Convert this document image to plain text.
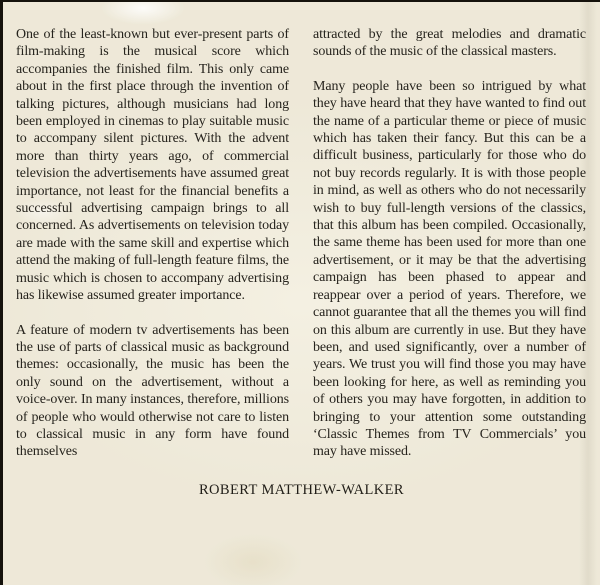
One of the least-known but ever-present parts of film-making is the musical score which accompanies the finished film. This only came about in the first place through the invention of talking pictures, although musicians had long been employed in cinemas to play suitable music to accompany silent pictures. With the advent more than thirty years ago, of commercial television the advertisements have assumed great importance, not least for the financial benefits a successful advertising campaign brings to all concerned. As advertisements on television today are made with the same skill and expertise which attend the making of full-length feature films, the music which is chosen to accompany advertising has likewise assumed greater importance.

A feature of modern tv advertisements has been the use of parts of classical music as background themes: occasionally, the music has been the only sound on the advertisement, without a voice-over. In many instances, therefore, millions of people who would otherwise not care to listen to classical music in any form have found themselves

attracted by the great melodies and dramatic sounds of the music of the classical masters.

Many people have been so intrigued by what they have heard that they have wanted to find out the name of a particular theme or piece of music which has taken their fancy. But this can be a difficult business, particularly for those who do not buy records regularly. It is with those people in mind, as well as others who do not necessarily wish to buy full-length versions of the classics, that this album has been compiled. Occasionally, the same theme has been used for more than one advertisement, or it may be that the advertising campaign has been phased to appear and reappear over a period of years. Therefore, we cannot guarantee that all the themes you will find on this album are currently in use. But they have been, and used significantly, over a number of years. We trust you will find those you may have been looking for here, as well as reminding you of others you may have forgotten, in addition to bringing to your attention some outstanding ‘Classic Themes from TV Commercials’ you may have missed.

ROBERT MATTHEW-WALKER
